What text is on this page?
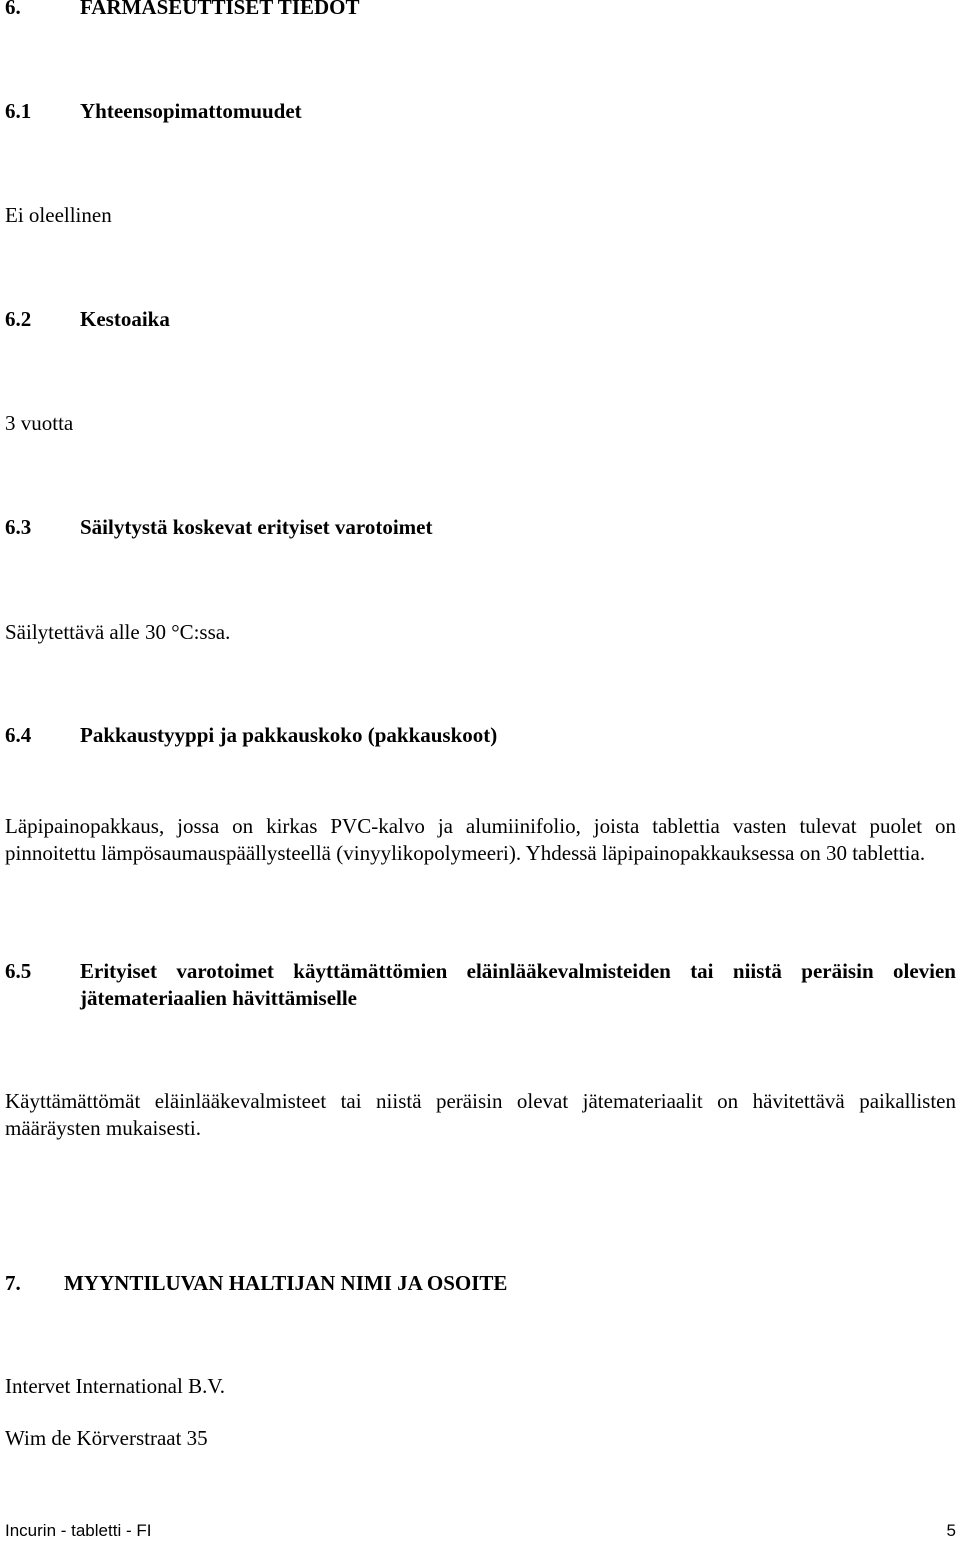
6.	FARMASEUTTISET TIEDOT
6.1 Yhteensopimattomuudet
Ei oleellinen
6.2 Kestoaika
3 vuotta
6.3 Säilytystä koskevat erityiset varotoimet
Säilytettävä alle 30 °C:ssa.
6.4 Pakkaustyyppi ja pakkauskoko (pakkauskoot)
Läpipainopakkaus, jossa on kirkas PVC-kalvo ja alumiinifolio, joista tablettia vasten tulevat puolet on pinnoitettu lämpösaumauspäällysteellä (vinyylikopolymeeri). Yhdessä läpipainopakkauksessa on 30 tablettia.
6.5	Erityiset varotoimet käyttämättömien eläinlääkevalmisteiden tai niistä peräisin olevien jätemateriaalien hävittämiselle
Käyttämättömät eläinlääkevalmisteet tai niistä peräisin olevat jätemateriaalit on hävitettävä paikallisten määräysten mukaisesti.
7. MYYNTILUVAN HALTIJAN NIMI JA OSOITE
Intervet International B.V.
Wim de Körverstraat 35
Incurin - tabletti - FI	5
